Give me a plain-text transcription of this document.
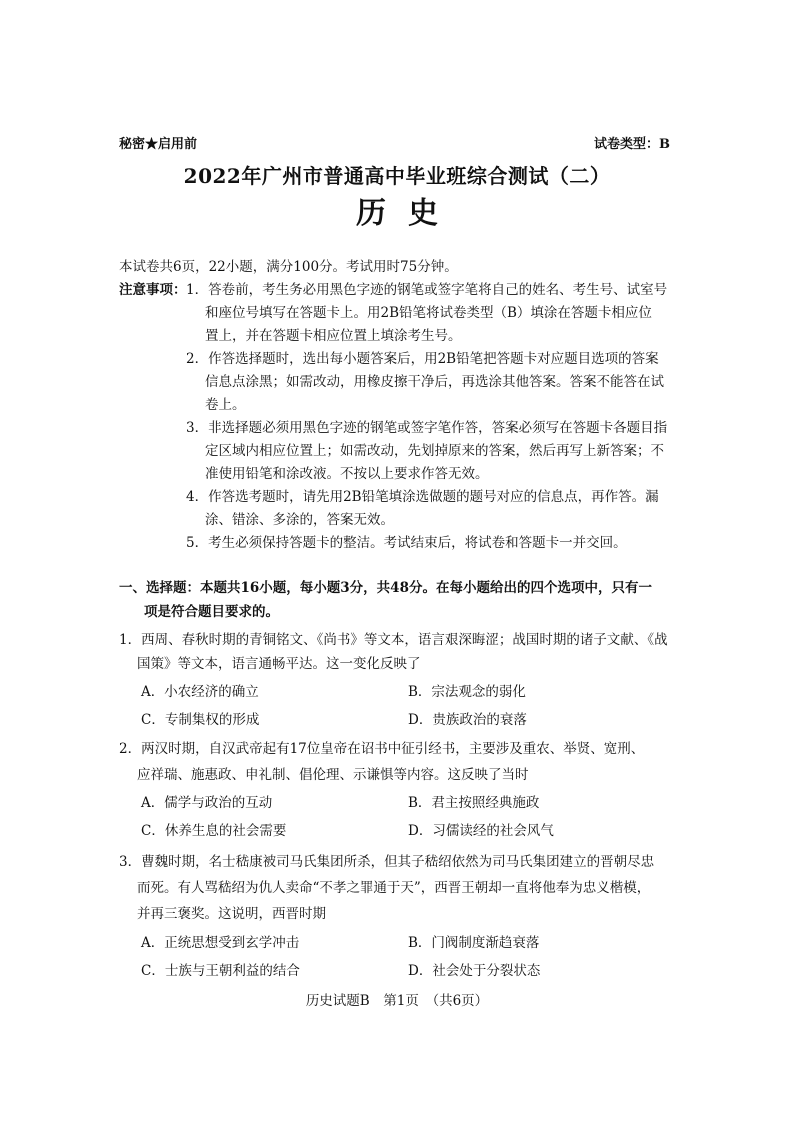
秘密★启用前	试卷类型：B
2022年广州市普通高中毕业班综合测试（二）
历史
本试卷共6页，22小题，满分100分。考试用时75分钟。
注意事项： 1．答卷前，考生务必用黑色字迹的钢笔或签字笔将自己的姓名、考生号、试室号
和座位号填写在答题卡上。用2B铅笔将试卷类型（B）填涂在答题卡相应位
置上，并在答题卡相应位置上填涂考生号。
2．作答选择题时，选出每小题答案后，用2B铅笔把答题卡对应题目选项的答案
信息点涂黑；如需改动，用橡皮擦干净后，再选涂其他答案。答案不能答在试
卷上。
3．非选择题必须用黑色字迹的钢笔或签字笔作答，答案必须写在答题卡各题目指
定区域内相应位置上；如需改动，先划掉原来的答案，然后再写上新答案；不
准使用铅笔和涂改液。不按以上要求作答无效。
4．作答选考题时，请先用2B铅笔填涂选做题的题号对应的信息点，再作答。漏
涂、错涂、多涂的，答案无效。
5．考生必须保持答题卡的整洁。考试结束后，将试卷和答题卡一并交回。
一、选择题：本题共16小题，每小题3分，共48分。在每小题给出的四个选项中，只有一
项是符合题目要求的。
1．西周、春秋时期的青铜铭文、《尚书》等文本，语言艰深晦涩；战国时期的诸子文献、《战
国策》等文本，语言通畅平达。这一变化反映了
A．小农经济的确立	B．宗法观念的弱化
C．专制集权的形成	D．贵族政治的衰落
2．两汉时期，自汉武帝起有17位皇帝在诏书中征引经书，主要涉及重农、举贤、宽刑、
应祥瑞、施惠政、申礼制、倡伦理、示谦惧等内容。这反映了当时
A．儒学与政治的互动	B．君主按照经典施政
C．休养生息的社会需要	D．习儒读经的社会风气
3．曹魏时期，名士嵇康被司马氏集团所杀，但其子嵇绍依然为司马氏集团建立的晋朝尽忠
而死。有人骂嵇绍为仇人卖命“不孝之罪通于天”，西晋王朝却一直将他奉为忠义楷模，
并再三褒奖。这说明，西晋时期
A．正统思想受到玄学冲击	B．门阀制度渐趋衰落
C．士族与王朝利益的结合	D．社会处于分裂状态
历史试题B　第1页　（共6页）
